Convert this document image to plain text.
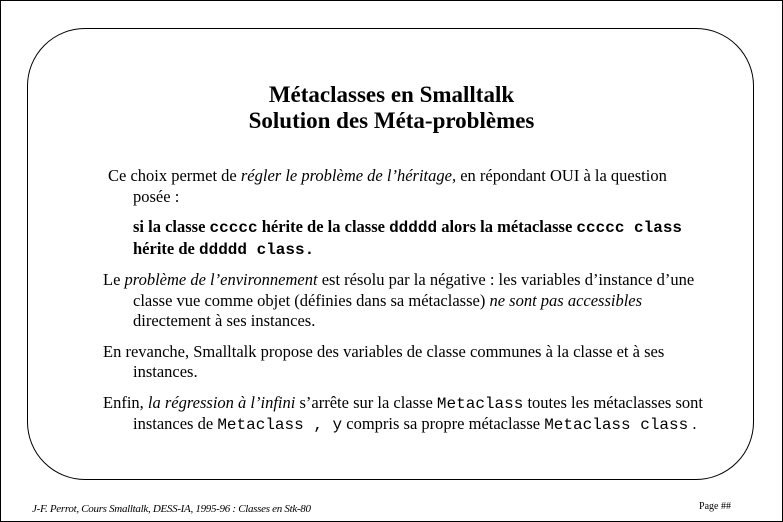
Métaclasses en Smalltalk
Solution des Méta-problèmes

Ce choix permet de régler le problème de l’héritage, en répondant OUI à la question posée :

si la classe ccccc hérite de la classe ddddd alors la métaclasse ccccc class hérite de ddddd class.

Le problème de l’environnement est résolu par la négative : les variables d’instance d’une classe vue comme objet (définies dans sa métaclasse) ne sont pas accessibles directement à ses instances.

En revanche, Smalltalk propose des variables de classe communes à la classe et à ses instances.

Enfin, la régression à l’infini s’arrête sur la classe Metaclass toutes les métaclasses sont instances de Metaclass , y compris sa propre métaclasse Metaclass class .

J-F. Perrot, Cours Smalltalk, DESS-IA, 1995-96 : Classes en Stk-80	Page ##
